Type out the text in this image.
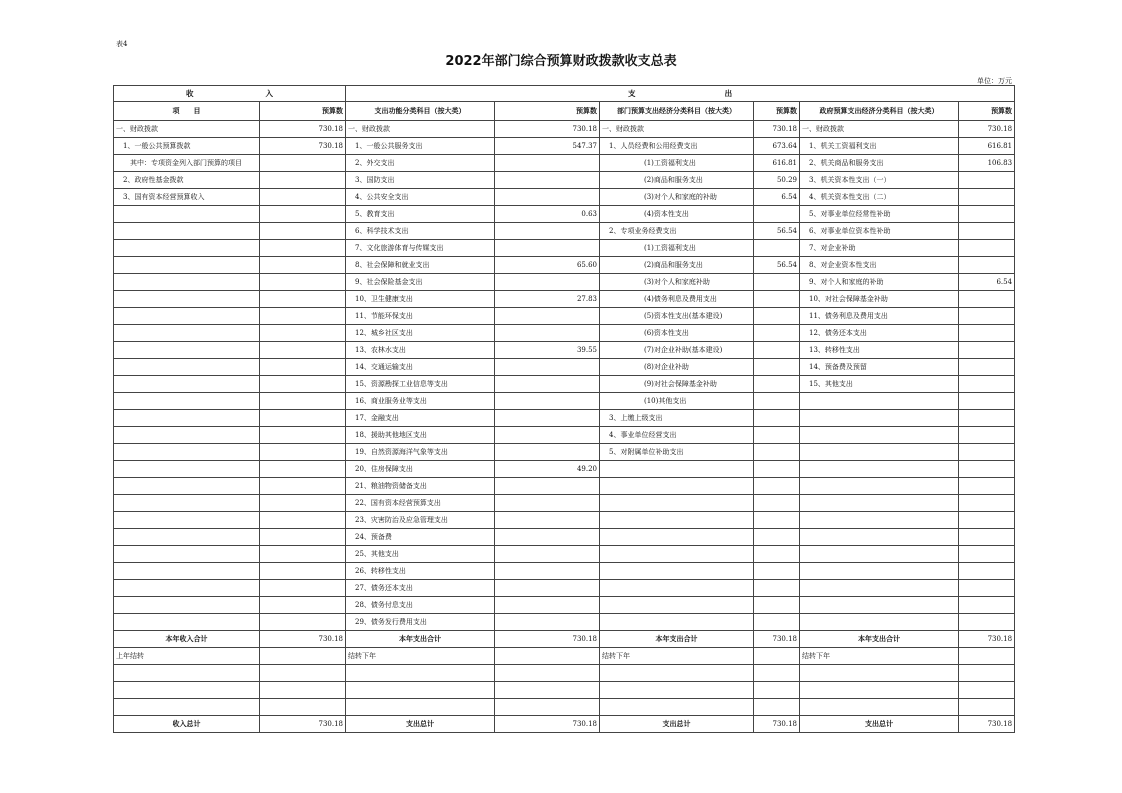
表4
2022年部门综合预算财政拨款收支总表
单位：万元
收 入		支 出					

项　　目	预算数	支出功能分类科目（按大类）	预算数	部门预算支出经济分类科目（按大类）	预算数	政府预算支出经济分类科目（按大类）	预算数
一、财政拨款	730.18	一、财政拨款	730.18	一、财政拨款	730.18	一、财政拨款	730.18
　1、一般公共预算拨款	730.18	　1、一般公共服务支出	547.37	　1、人员经费和公用经费支出	673.64	　1、机关工资福利支出	616.81
　　其中：专项资金列入部门预算的项目		　2、外交支出		　　　　　　(1)工资福利支出	616.81	　2、机关商品和服务支出	106.83
　2、政府性基金拨款		　3、国防支出		　　　　　　(2)商品和服务支出	50.29	　3、机关资本性支出（一）	
　3、国有资本经营预算收入		　4、公共安全支出		　　　　　　(3)对个人和家庭的补助	6.54	　4、机关资本性支出（二）	
		　5、教育支出	0.63	　　　　　　(4)资本性支出		　5、对事业单位经常性补助	
		　6、科学技术支出		　2、专项业务经费支出	56.54	　6、对事业单位资本性补助	
		　7、文化旅游体育与传媒支出		　　　　　　(1)工资福利支出		　7、对企业补助	
		　8、社会保障和就业支出	65.60	　　　　　　(2)商品和服务支出	56.54	　8、对企业资本性支出	
		　9、社会保险基金支出		　　　　　　(3)对个人和家庭补助		　9、对个人和家庭的补助	6.54
		　10、卫生健康支出	27.83	　　　　　　(4)债务利息及费用支出		　10、对社会保障基金补助	
		　11、节能环保支出		　　　　　　(5)资本性支出(基本建设)		　11、债务利息及费用支出	
		　12、城乡社区支出		　　　　　　(6)资本性支出		　12、债务还本支出	
		　13、农林水支出	39.55	　　　　　　(7)对企业补助(基本建设)		　13、转移性支出	
		　14、交通运输支出		　　　　　　(8)对企业补助		　14、预备费及预留	
		　15、资源勘探工业信息等支出		　　　　　　(9)对社会保障基金补助		　15、其他支出	
		　16、商业服务业等支出		　　　　　　(10)其他支出			
		　17、金融支出		　3、上缴上级支出			
		　18、援助其他地区支出		　4、事业单位经营支出			
		　19、自然资源海洋气象等支出		　5、对附属单位补助支出			
		　20、住房保障支出	49.20				
		　21、粮油物资储备支出					
		　22、国有资本经营预算支出					
		　23、灾害防治及应急管理支出					
		　24、预备费					
		　25、其他支出					
		　26、转移性支出					
		　27、债务还本支出					
		　28、债务付息支出					
		　29、债务发行费用支出					
本年收入合计	730.18	本年支出合计	730.18	本年支出合计	730.18	本年支出合计	730.18
上年结转		结转下年		结转下年		结转下年	

收入总计	730.18	支出总计	730.18	支出总计	730.18	支出总计	730.18
